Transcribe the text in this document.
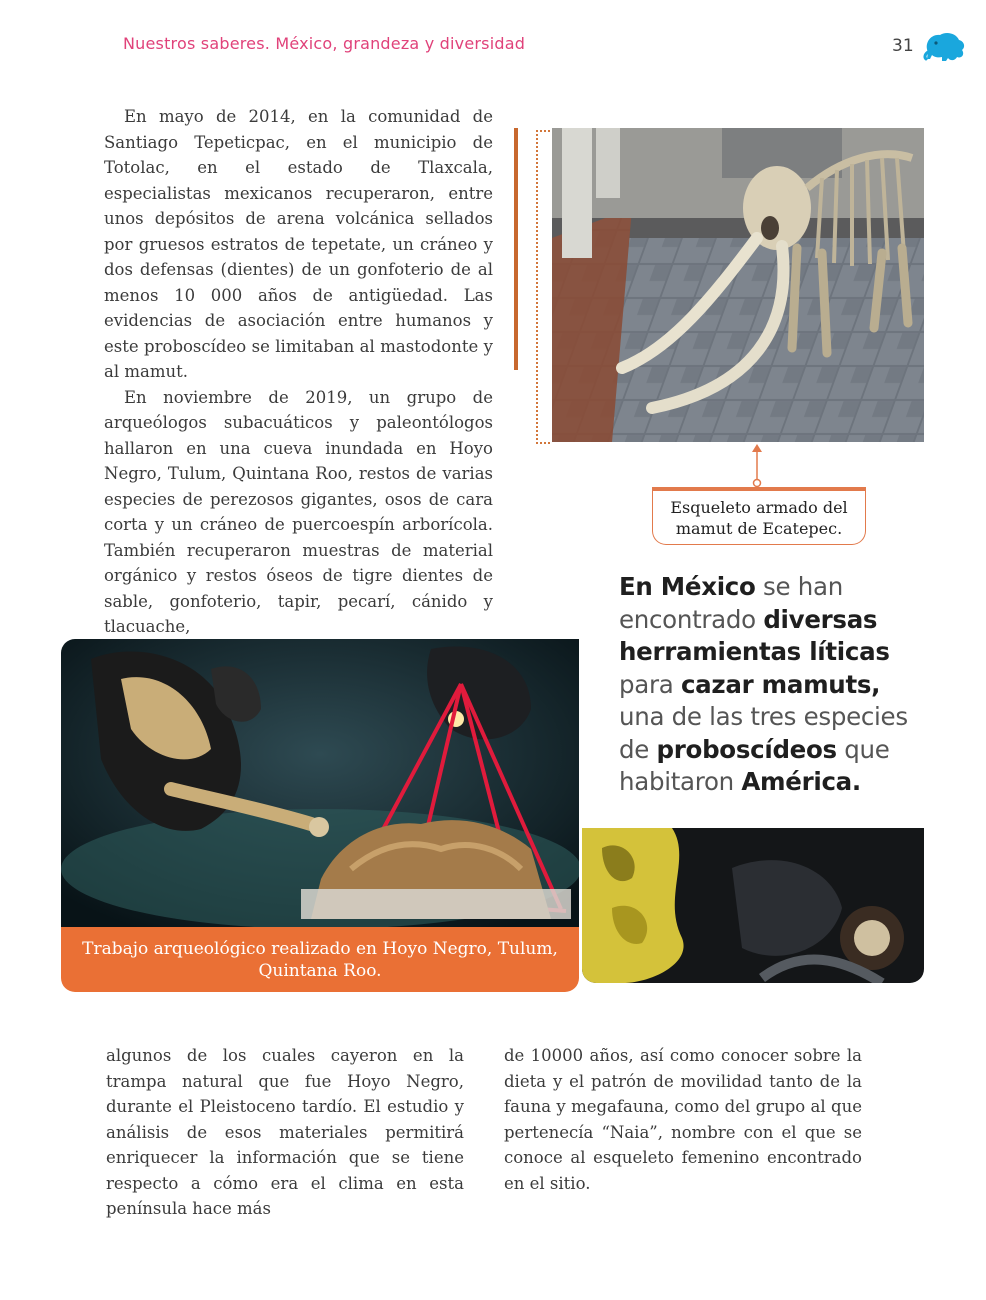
Nuestros saberes. México, grandeza y diversidad	31

En mayo de 2014, en la comunidad de Santiago Tepeticpac, en el municipio de Totolac, en el estado de Tlaxcala, especialistas mexicanos recuperaron, entre unos depósitos de arena volcánica sellados por gruesos estratos de tepetate, un cráneo y dos defensas (dientes) de un gonfoterio de al menos 10 000 años de antigüedad. Las evidencias de asociación entre humanos y este proboscídeo se limitaban al mastodonte y al mamut.

En noviembre de 2019, un grupo de arqueólogos subacuáticos y paleontólogos hallaron en una cueva inundada en Hoyo Negro, Tulum, Quintana Roo, restos de varias especies de perezosos gigantes, osos de cara corta y un cráneo de puercoespín arborícola. También recuperaron muestras de material orgánico y restos óseos de tigre dientes de sable, gonfoterio, tapir, pecarí, cánido y tlacuache,

Esqueleto armado del mamut de Ecatepec.
En México se han encontrado diversas herramientas líticas para cazar mamuts, una de las tres especies de proboscídeos que habitaron América.
Trabajo arqueológico realizado en Hoyo Negro, Tulum, Quintana Roo.

algunos de los cuales cayeron en la trampa natural que fue Hoyo Negro, durante el Pleistoceno tardío. El estudio y análisis de esos materiales permitirá enriquecer la información que se tiene respecto a cómo era el clima en esta península hace más

de 10000 años, así como conocer sobre la dieta y el patrón de movilidad tanto de la fauna y megafauna, como del grupo al que pertenecía “Naia”, nombre con el que se conoce al esqueleto femenino encontrado en el sitio.
